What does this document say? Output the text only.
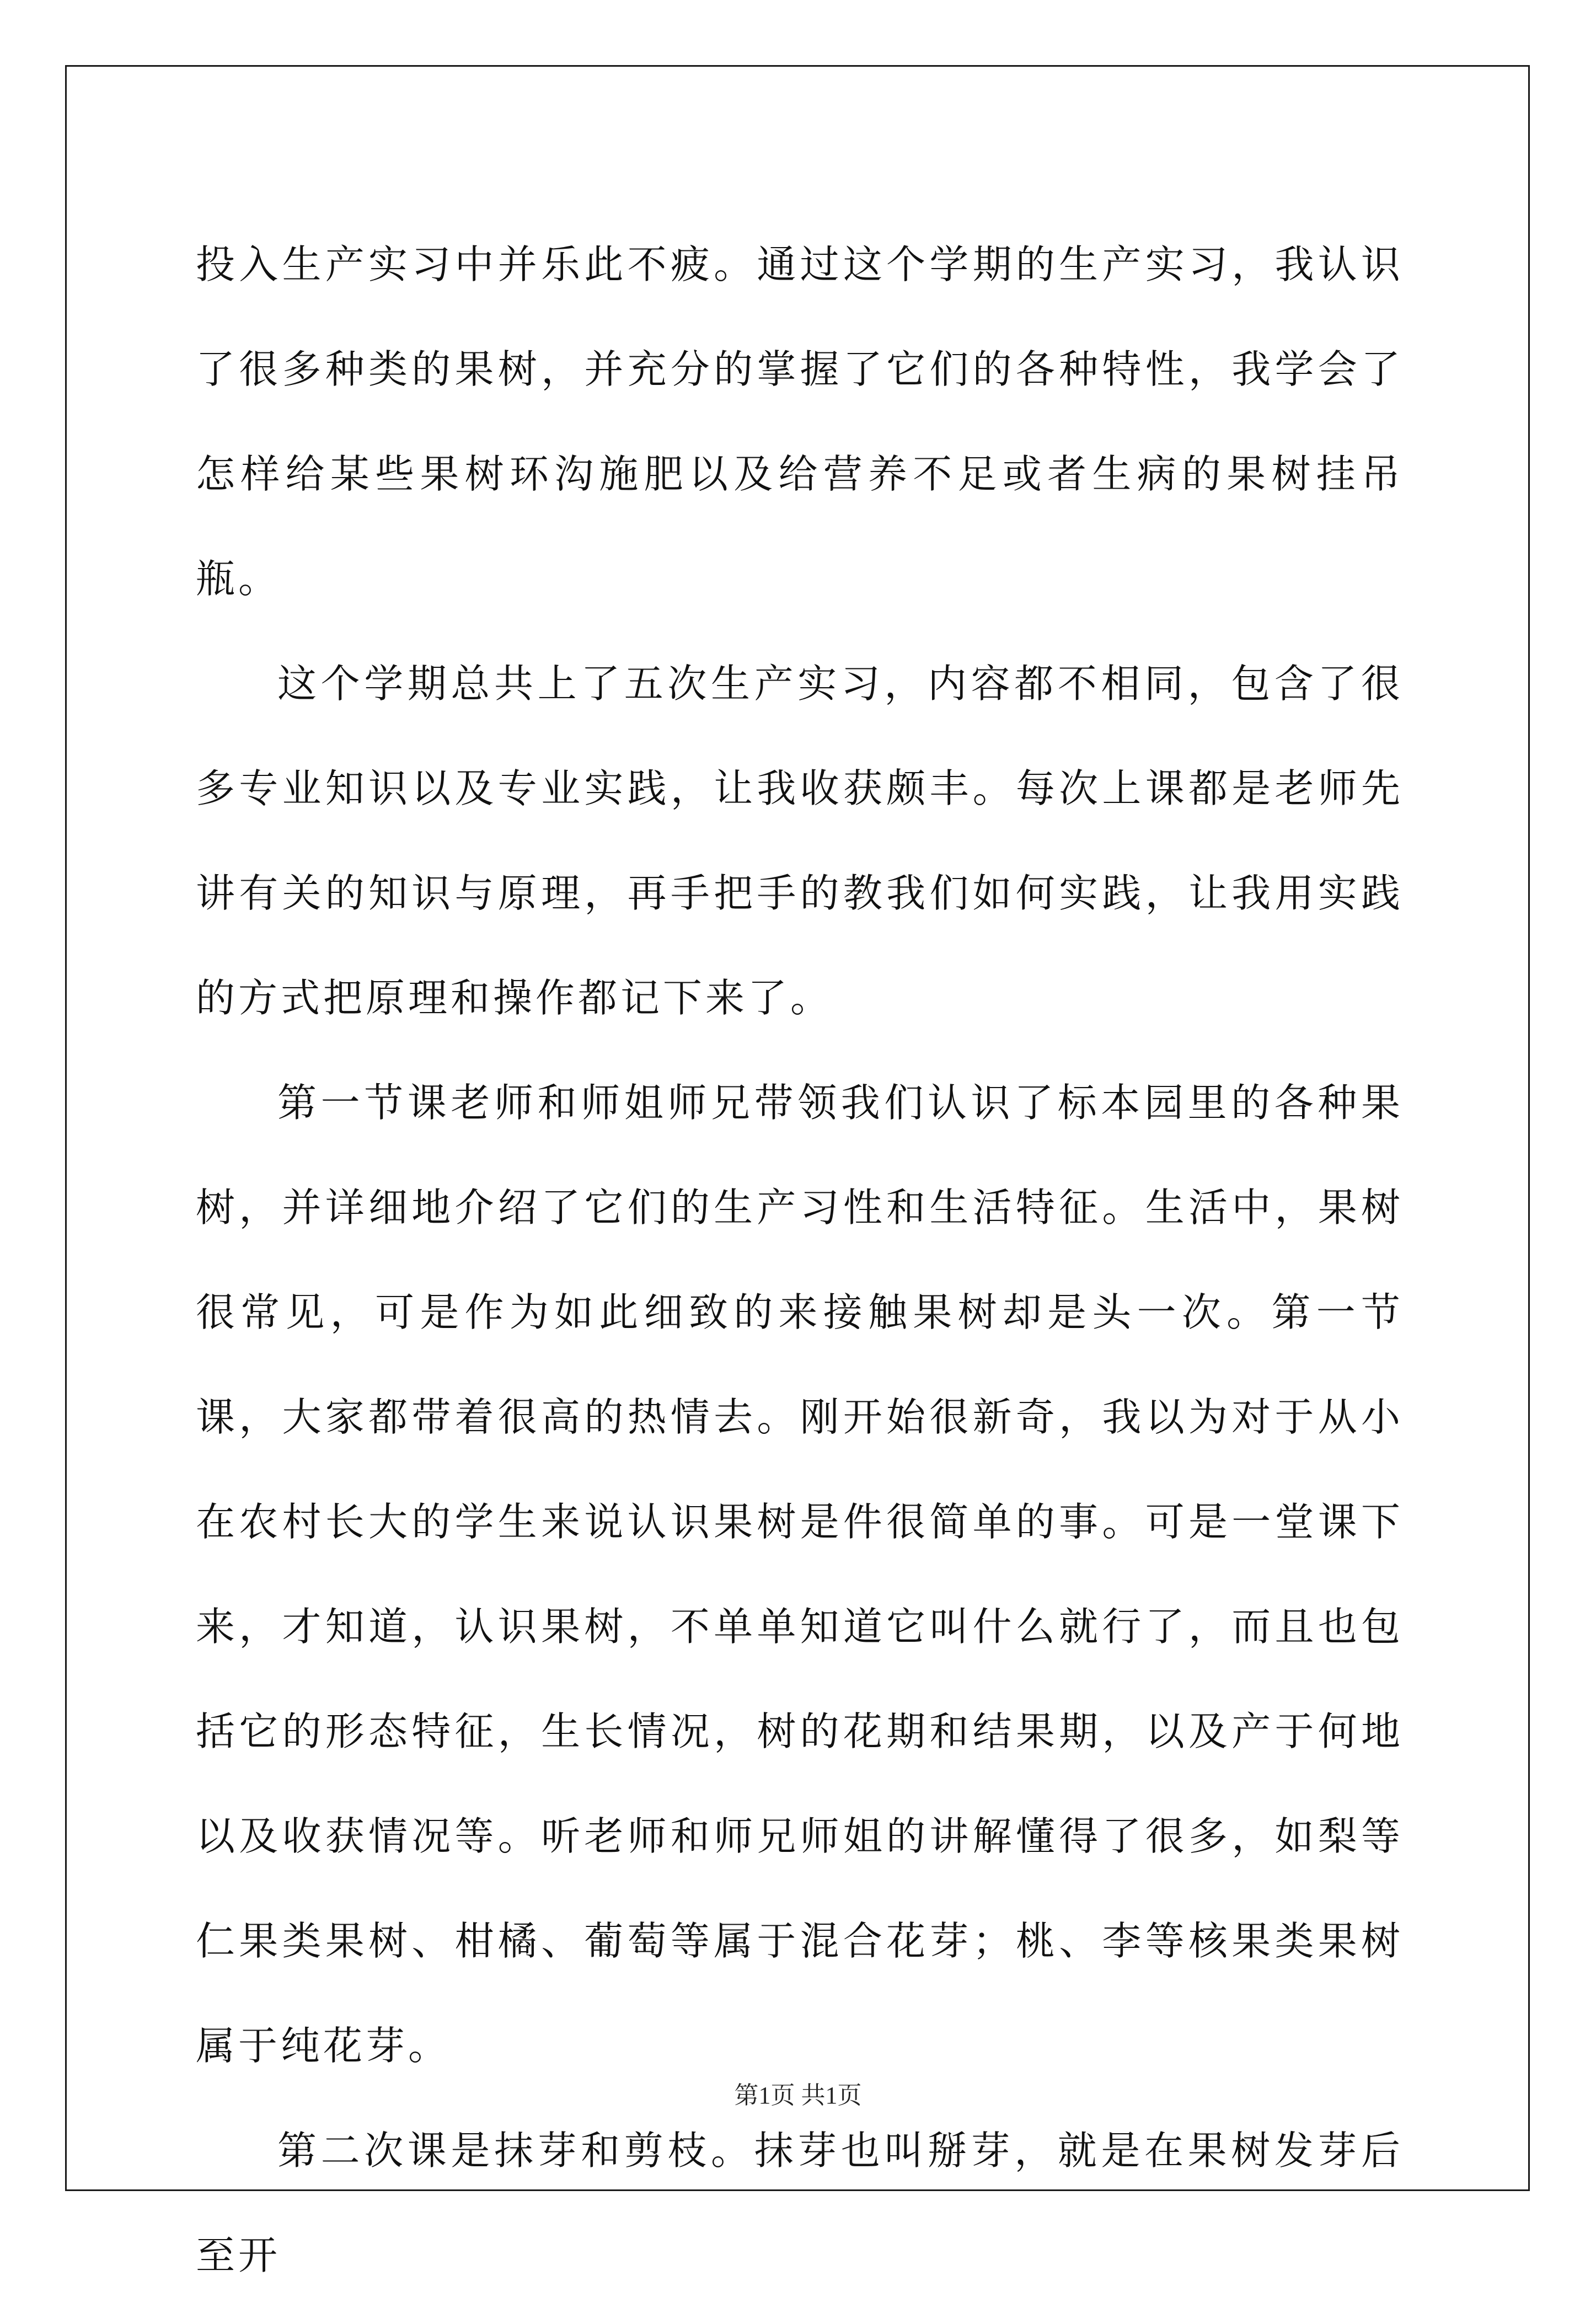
投入生产实习中并乐此不疲。通过这个学期的生产实习，我认识了很多种类的果树，并充分的掌握了它们的各种特性，我学会了怎样给某些果树环沟施肥以及给营养不足或者生病的果树挂吊瓶。

这个学期总共上了五次生产实习，内容都不相同，包含了很多专业知识以及专业实践，让我收获颇丰。每次上课都是老师先讲有关的知识与原理，再手把手的教我们如何实践，让我用实践的方式把原理和操作都记下来了。

第一节课老师和师姐师兄带领我们认识了标本园里的各种果树，并详细地介绍了它们的生产习性和生活特征。生活中，果树很常见，可是作为如此细致的来接触果树却是头一次。第一节课，大家都带着很高的热情去。刚开始很新奇，我以为对于从小在农村长大的学生来说认识果树是件很简单的事。可是一堂课下来，才知道，认识果树，不单单知道它叫什么就行了，而且也包括它的形态特征，生长情况，树的花期和结果期，以及产于何地以及收获情况等。听老师和师兄师姐的讲解懂得了很多，如梨等仁果类果树、柑橘、葡萄等属于混合花芽；桃、李等核果类果树属于纯花芽。

第二次课是抹芽和剪枝。抹芽也叫掰芽，就是在果树发芽后至开

第1页 共1页
